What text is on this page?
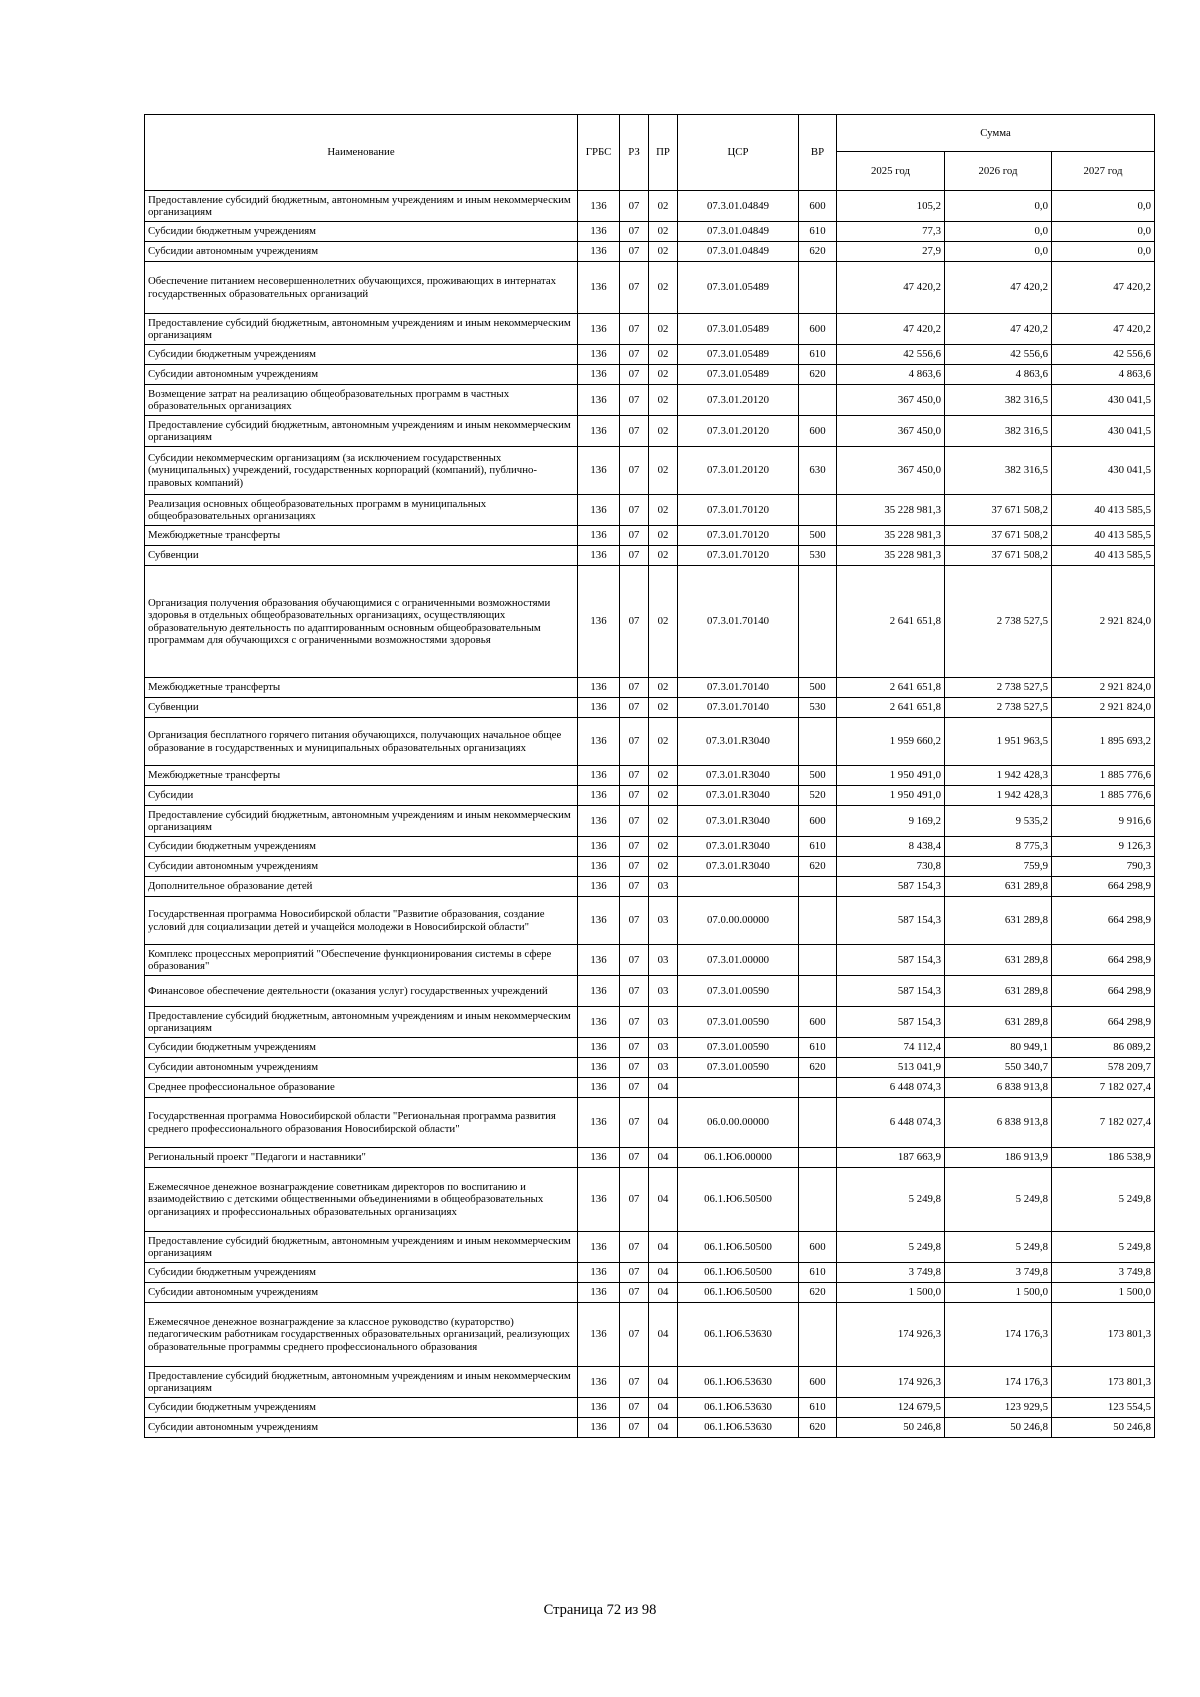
Наименование	ГРБС	РЗ	ПР	ЦСР	ВР	Сумма		
						2025 год	2026 год	2027 год
Предоставление субсидий бюджетным, автономным учреждениям и иным некоммерческим организациям	136	07	02	07.3.01.04849	600	105,2	0,0	0,0
Субсидии бюджетным учреждениям	136	07	02	07.3.01.04849	610	77,3	0,0	0,0
Субсидии автономным учреждениям	136	07	02	07.3.01.04849	620	27,9	0,0	0,0
Обеспечение питанием несовершеннолетних обучающихся, проживающих в интернатах государственных образовательных организаций	136	07	02	07.3.01.05489		47 420,2	47 420,2	47 420,2
Предоставление субсидий бюджетным, автономным учреждениям и иным некоммерческим организациям	136	07	02	07.3.01.05489	600	47 420,2	47 420,2	47 420,2
Субсидии бюджетным учреждениям	136	07	02	07.3.01.05489	610	42 556,6	42 556,6	42 556,6
Субсидии автономным учреждениям	136	07	02	07.3.01.05489	620	4 863,6	4 863,6	4 863,6
Возмещение затрат на реализацию общеобразовательных программ в частных образовательных организациях	136	07	02	07.3.01.20120		367 450,0	382 316,5	430 041,5
Предоставление субсидий бюджетным, автономным учреждениям и иным некоммерческим организациям	136	07	02	07.3.01.20120	600	367 450,0	382 316,5	430 041,5
Субсидии некоммерческим организациям (за исключением государственных (муниципальных) учреждений, государственных корпораций (компаний), публично-правовых компаний)	136	07	02	07.3.01.20120	630	367 450,0	382 316,5	430 041,5
Реализация основных общеобразовательных программ в муниципальных общеобразовательных организациях	136	07	02	07.3.01.70120		35 228 981,3	37 671 508,2	40 413 585,5
Межбюджетные трансферты	136	07	02	07.3.01.70120	500	35 228 981,3	37 671 508,2	40 413 585,5
Субвенции	136	07	02	07.3.01.70120	530	35 228 981,3	37 671 508,2	40 413 585,5
Организация получения образования обучающимися с ограниченными возможностями здоровья в отдельных общеобразовательных организациях, осуществляющих образовательную деятельность по адаптированным основным общеобразовательным программам для обучающихся с ограниченными возможностями здоровья	136	07	02	07.3.01.70140		2 641 651,8	2 738 527,5	2 921 824,0
Межбюджетные трансферты	136	07	02	07.3.01.70140	500	2 641 651,8	2 738 527,5	2 921 824,0
Субвенции	136	07	02	07.3.01.70140	530	2 641 651,8	2 738 527,5	2 921 824,0
Организация бесплатного горячего питания обучающихся, получающих начальное общее образование в государственных и муниципальных образовательных организациях	136	07	02	07.3.01.R3040		1 959 660,2	1 951 963,5	1 895 693,2
Межбюджетные трансферты	136	07	02	07.3.01.R3040	500	1 950 491,0	1 942 428,3	1 885 776,6
Субсидии	136	07	02	07.3.01.R3040	520	1 950 491,0	1 942 428,3	1 885 776,6
Предоставление субсидий бюджетным, автономным учреждениям и иным некоммерческим организациям	136	07	02	07.3.01.R3040	600	9 169,2	9 535,2	9 916,6
Субсидии бюджетным учреждениям	136	07	02	07.3.01.R3040	610	8 438,4	8 775,3	9 126,3
Субсидии автономным учреждениям	136	07	02	07.3.01.R3040	620	730,8	759,9	790,3
Дополнительное образование детей	136	07	03			587 154,3	631 289,8	664 298,9
Государственная программа Новосибирской области "Развитие образования, создание условий для социализации детей и учащейся молодежи в Новосибирской области"	136	07	03	07.0.00.00000		587 154,3	631 289,8	664 298,9
Комплекс процессных мероприятий "Обеспечение функционирования системы в сфере образования"	136	07	03	07.3.01.00000		587 154,3	631 289,8	664 298,9
Финансовое обеспечение деятельности (оказания услуг) государственных учреждений	136	07	03	07.3.01.00590		587 154,3	631 289,8	664 298,9
Предоставление субсидий бюджетным, автономным учреждениям и иным некоммерческим организациям	136	07	03	07.3.01.00590	600	587 154,3	631 289,8	664 298,9
Субсидии бюджетным учреждениям	136	07	03	07.3.01.00590	610	74 112,4	80 949,1	86 089,2
Субсидии автономным учреждениям	136	07	03	07.3.01.00590	620	513 041,9	550 340,7	578 209,7
Среднее профессиональное образование	136	07	04			6 448 074,3	6 838 913,8	7 182 027,4
Государственная программа Новосибирской области "Региональная программа развития среднего профессионального образования Новосибирской области"	136	07	04	06.0.00.00000		6 448 074,3	6 838 913,8	7 182 027,4
Региональный проект "Педагоги и наставники"	136	07	04	06.1.Ю6.00000		187 663,9	186 913,9	186 538,9
Ежемесячное денежное вознаграждение советникам директоров по воспитанию и взаимодействию с детскими общественными объединениями в общеобразовательных организациях и профессиональных образовательных организациях	136	07	04	06.1.Ю6.50500		5 249,8	5 249,8	5 249,8
Предоставление субсидий бюджетным, автономным учреждениям и иным некоммерческим организациям	136	07	04	06.1.Ю6.50500	600	5 249,8	5 249,8	5 249,8
Субсидии бюджетным учреждениям	136	07	04	06.1.Ю6.50500	610	3 749,8	3 749,8	3 749,8
Субсидии автономным учреждениям	136	07	04	06.1.Ю6.50500	620	1 500,0	1 500,0	1 500,0
Ежемесячное денежное вознаграждение за классное руководство (кураторство) педагогическим работникам государственных образовательных организаций, реализующих образовательные программы среднего профессионального образования	136	07	04	06.1.Ю6.53630		174 926,3	174 176,3	173 801,3
Предоставление субсидий бюджетным, автономным учреждениям и иным некоммерческим организациям	136	07	04	06.1.Ю6.53630	600	174 926,3	174 176,3	173 801,3
Субсидии бюджетным учреждениям	136	07	04	06.1.Ю6.53630	610	124 679,5	123 929,5	123 554,5
Субсидии автономным учреждениям	136	07	04	06.1.Ю6.53630	620	50 246,8	50 246,8	50 246,8
Страница 72 из 98
